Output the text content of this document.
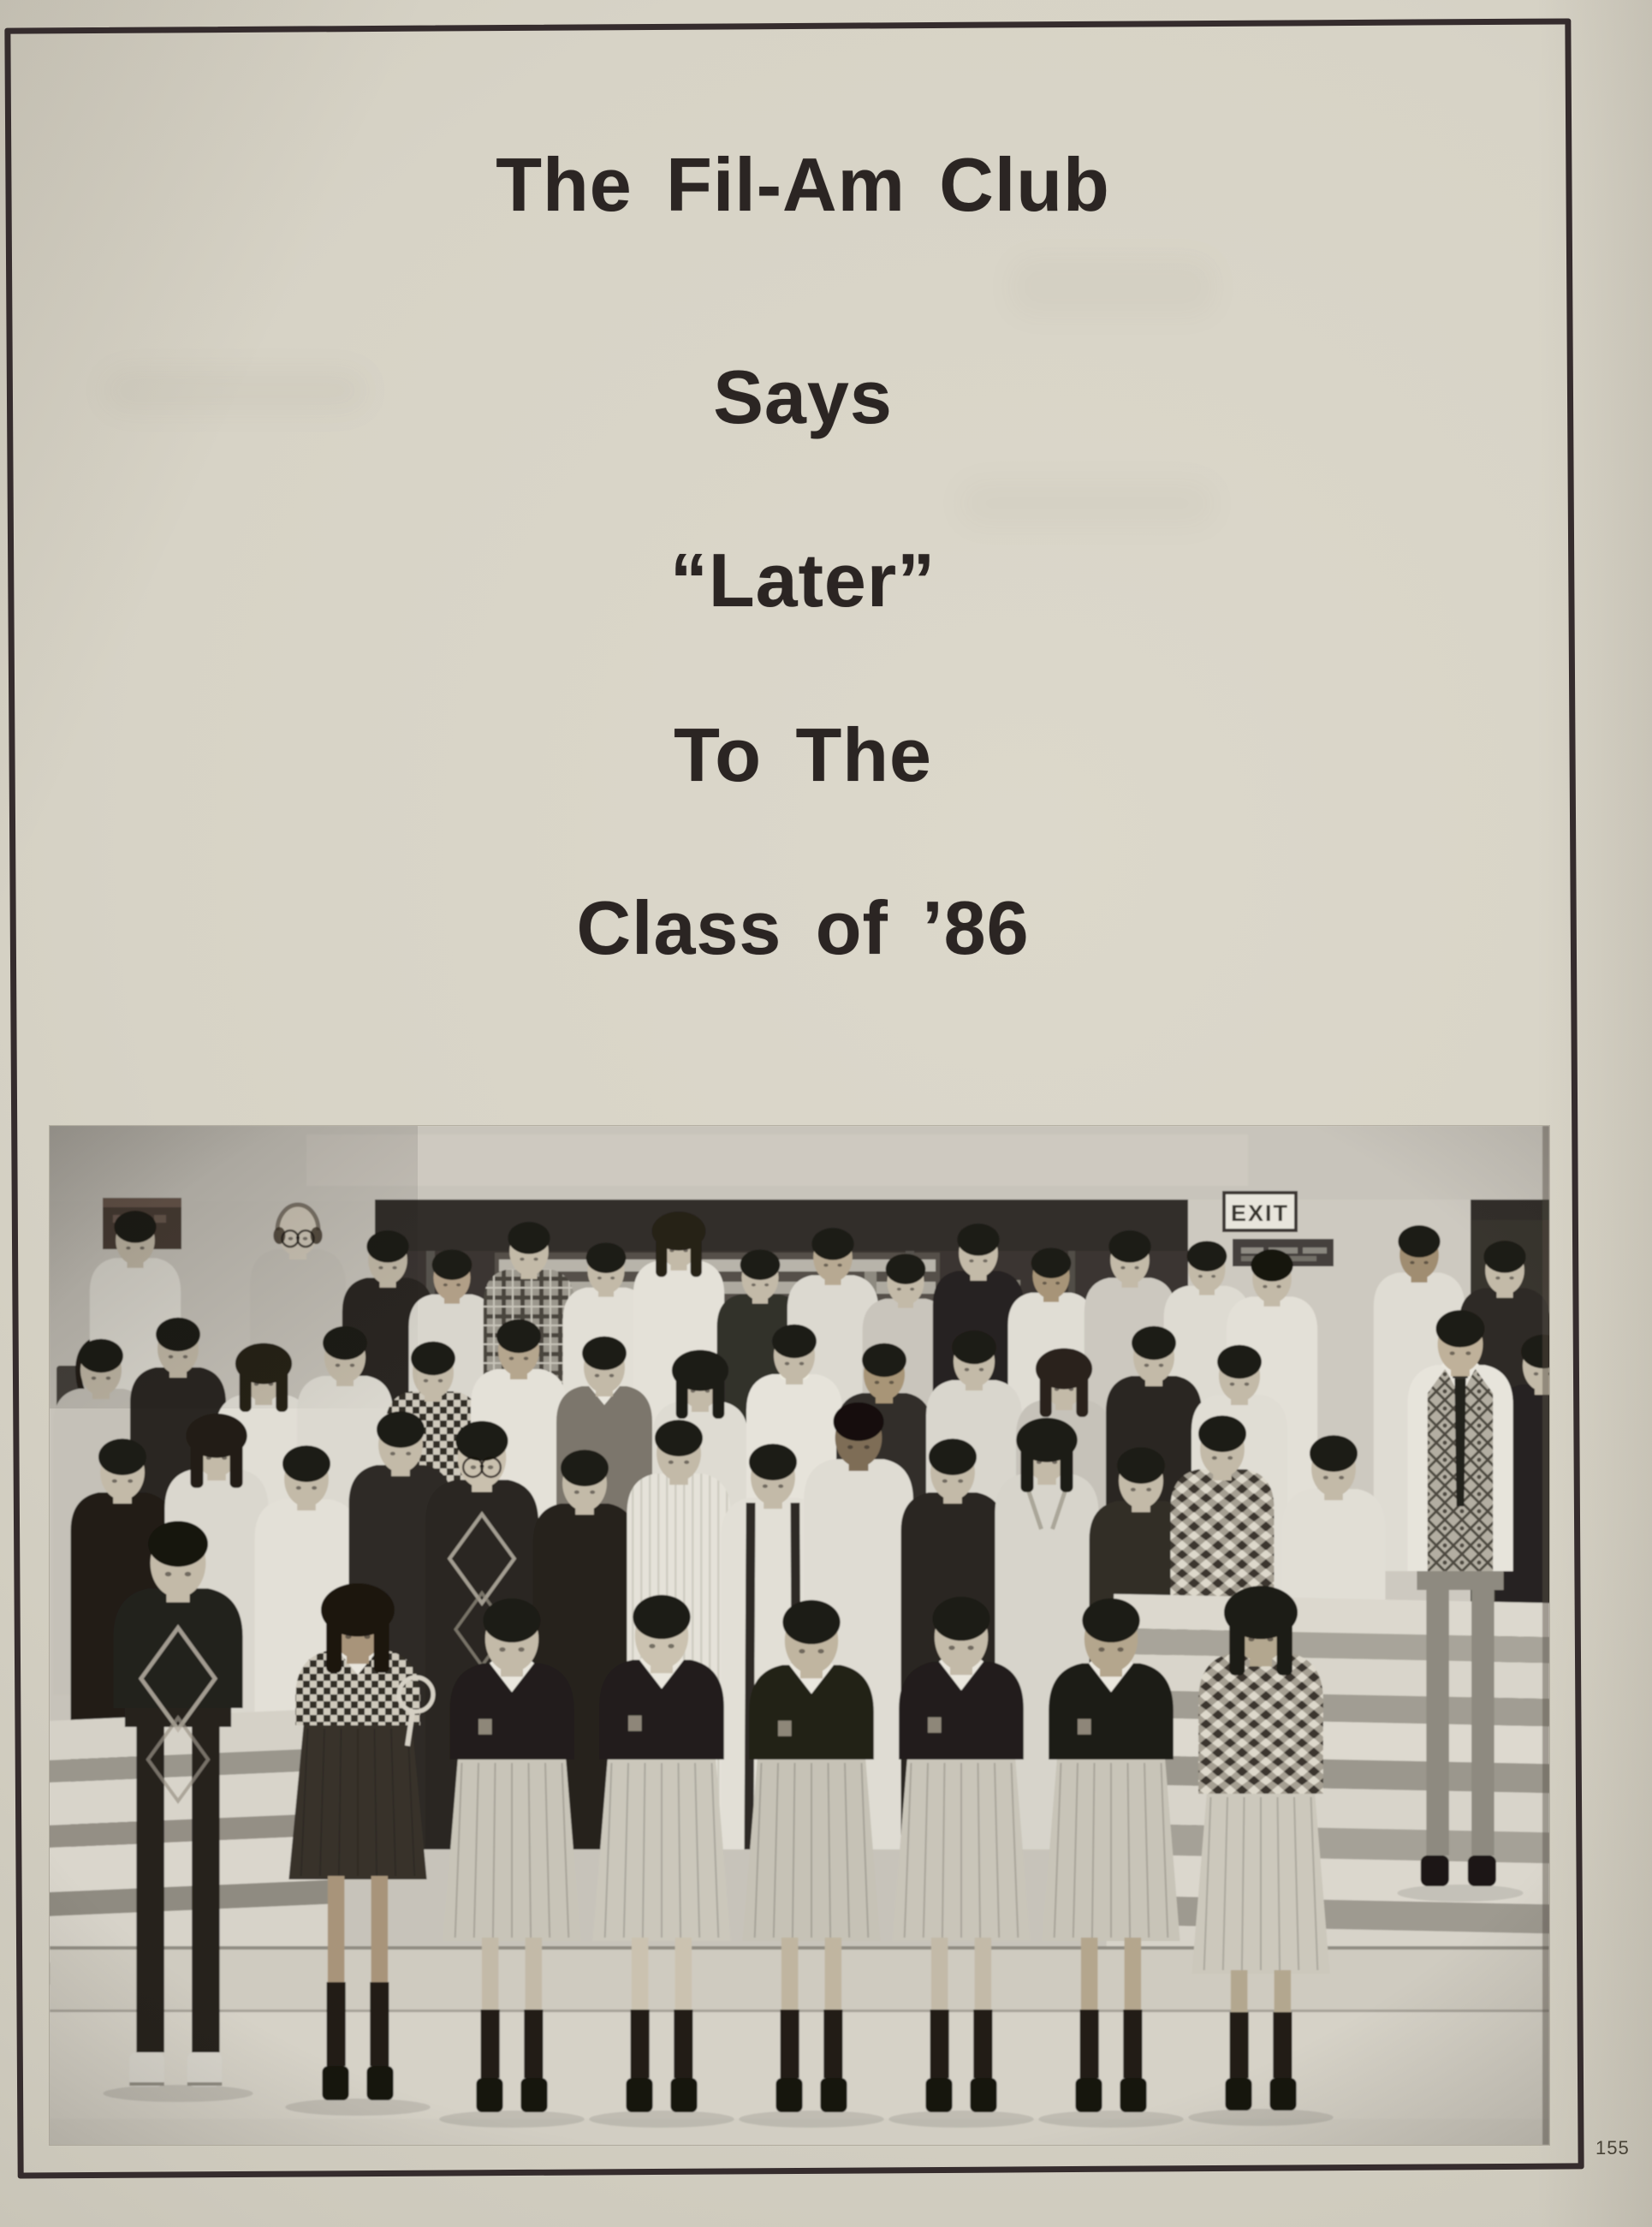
The Fil-Am Club
Says
“Later”
To The
Class of ’86
155
